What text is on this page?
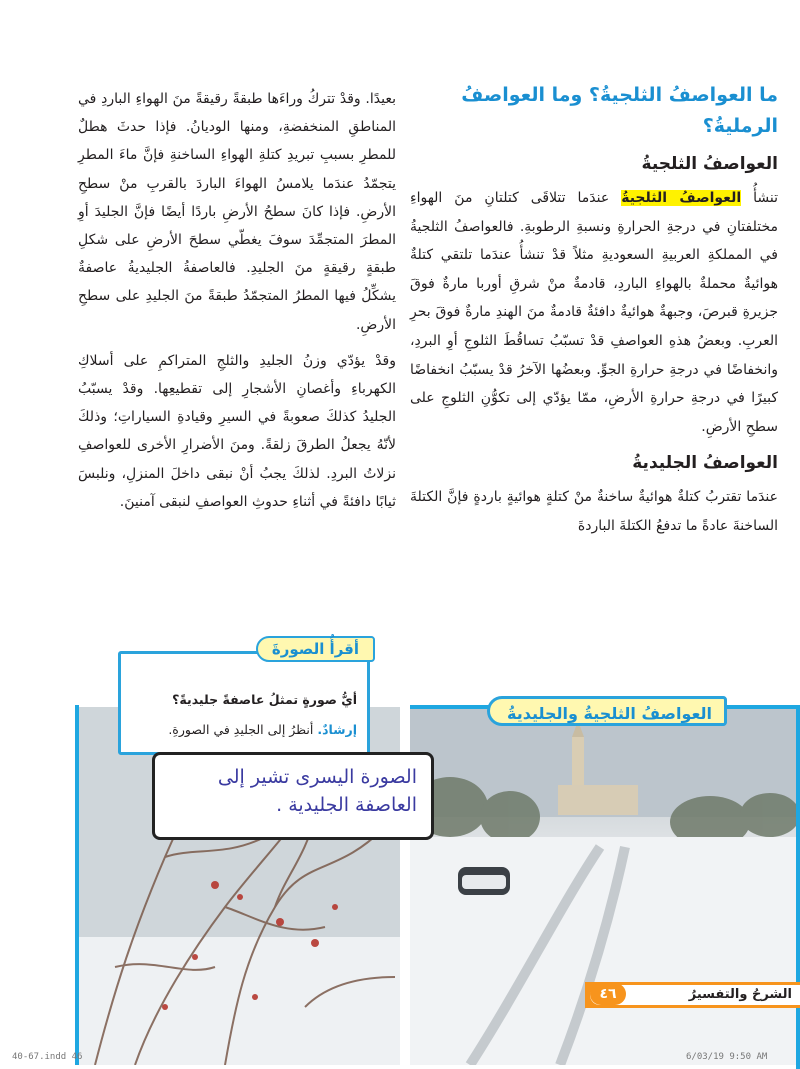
ما العواصفُ الثلجيةُ؟ وما العواصفُ
الرمليةُ؟
العواصفُ الثلجيةُ

تنشأُ العواصفُ الثلجيةُ عندَما تتلاقَى كتلتانِ منَ الهواءِ مختلفتانِ في درجةِ الحرارةِ ونسبةِ الرطوبةِ. فالعواصفُ الثلجيةُ في المملكةِ العربيةِ السعوديةِ مثلاً قدْ تنشأُ عندَما تلتقي كتلةٌ هوائيةٌ محملةٌ بالهواءِ الباردِ، قادمةٌ منْ شرقِ أوربا مارةٌ فوقَ جزيرةِ قبرصَ، وجبهةٌ هوائيةٌ دافئةٌ قادمةٌ منَ الهندِ مارةٌ فوقَ بحرِ العربِ. وبعضُ هذهِ العواصفِ قدْ تسبّبُ تساقُطَ الثلوجِ أوِ البردِ، وانخفاضًا في درجةِ حرارةِ الجوِّ. وبعضُها الآخرُ قدْ يسبّبُ انخفاضًا كبيرًا في درجةِ حرارةِ الأرضِ، ممّا يؤدّي إلى تكوُّنِ الثلوجِ على سطحِ الأرضِ.

العواصفُ الجليديةُ

عندَما تقتربُ كتلةٌ هوائيةٌ ساخنةٌ منْ كتلةٍ هوائيةٍ باردةٍ فإنَّ الكتلةَ الساخنةَ عادةً ما تدفعُ الكتلةَ الباردةَ

بعيدًا. وقدْ تتركُ وراءَها طبقةً رقيقةً منَ الهواءِ الباردِ في المناطقِ المنخفضةِ، ومنها الوديانُ. فإذا حدثَ هطلٌ للمطرِ بسببِ تبريدِ كتلةِ الهواءِ الساخنةِ فإنَّ ماءَ المطرِ يتجمّدُ عندَما يلامسُ الهواءَ الباردَ بالقربِ منْ سطحِ الأرضِ. فإذا كانَ سطحُ الأرضِ باردًا أيضًا فإنَّ الجليدَ أوِ المطرَ المتجمِّدَ سوفَ يغطّي سطحَ الأرضِ على شكلِ طبقةٍ رقيقةٍ منَ الجليدِ. فالعاصفةُ الجليديةُ عاصفةٌ يشكِّلُ فيها المطرُ المتجمّدُ طبقةً منَ الجليدِ على سطحِ الأرضِ.

وقدْ يؤدّي وزنُ الجليدِ والثلجِ المتراكمِ على أسلاكِ الكهرباءِ وأغصانِ الأشجارِ إلى تقطيعِها. وقدْ يسبّبُ الجليدُ كذلكَ صعوبةً في السيرِ وقيادةِ السياراتِ؛ وذلكَ لأنّهُ يجعلُ الطرقَ زلقةً. ومنَ الأضرارِ الأخرى للعواصفِ نزلاتُ البردِ. لذلكَ يجبُ أنْ نبقى داخلَ المنزلِ، ونلبسَ ثيابًا دافئةً في أثناءِ حدوثِ العواصفِ لنبقى آمنينَ.

أقرأُ الصورةَ
أيُّ صورةٍ تمثلُ عاصفةً جليديةً؟
إرشادٌ. أنظرُ إلى الجليدِ في الصورةِ.
الصورة اليسرى تشير إلى العاصفة الجليدية .
العواصفُ الثلجيةُ والجليديةُ
الشرحُ والتفسيرُ
٤٦
40-67.indd 46	6/03/19 9:50 AM
